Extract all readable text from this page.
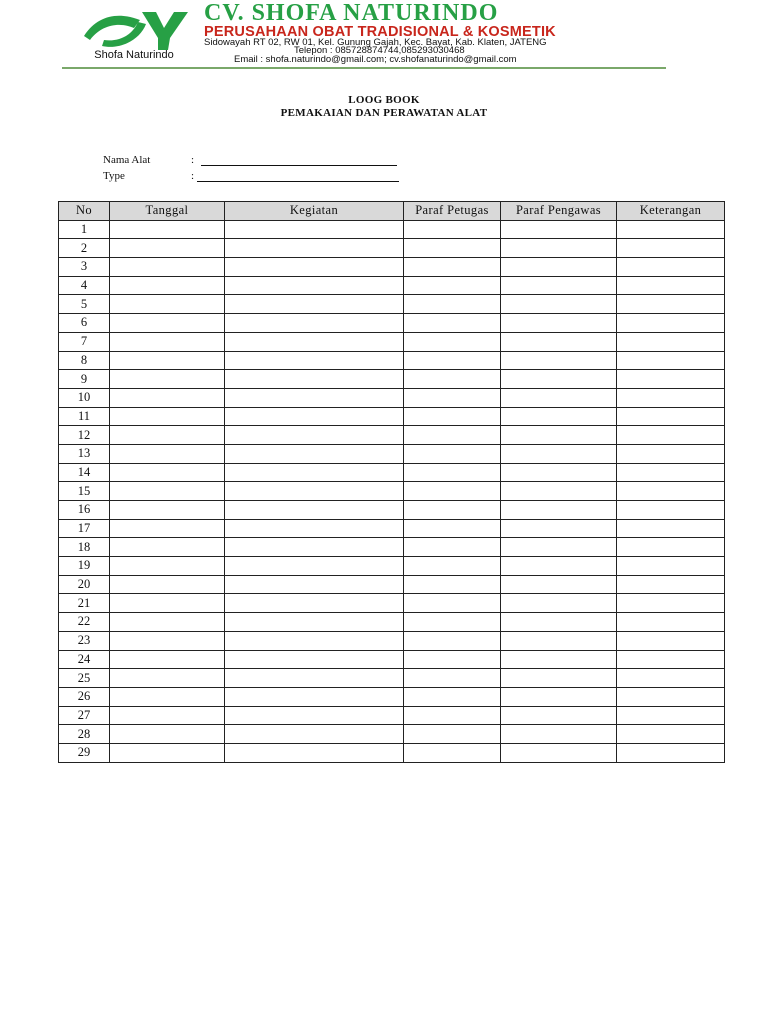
Shofa Naturindo
CV. SHOFA NATURINDO
PERUSAHAAN OBAT TRADISIONAL & KOSMETIK
Sidowayah RT 02, RW 01, Kel. Gunung Gajah, Kec. Bayat, Kab. Klaten, JATENG
Telepon : 085728874744,085293030468
Email : shofa.naturindo@gmail.com; cv.shofanaturindo@gmail.com
LOOG BOOK
PEMAKAIAN DAN PERAWATAN ALAT
Nama Alat	:
Type	:
No	Tanggal	Kegiatan	Paraf Petugas	Paraf Pengawas	Keterangan
1					
2					
3					
4					
5					
6					
7					
8					
9					
10					
11					
12					
13					
14					
15					
16					
17					
18					
19					
20					
21					
22					
23					
24					
25					
26					
27					
28					
29					
